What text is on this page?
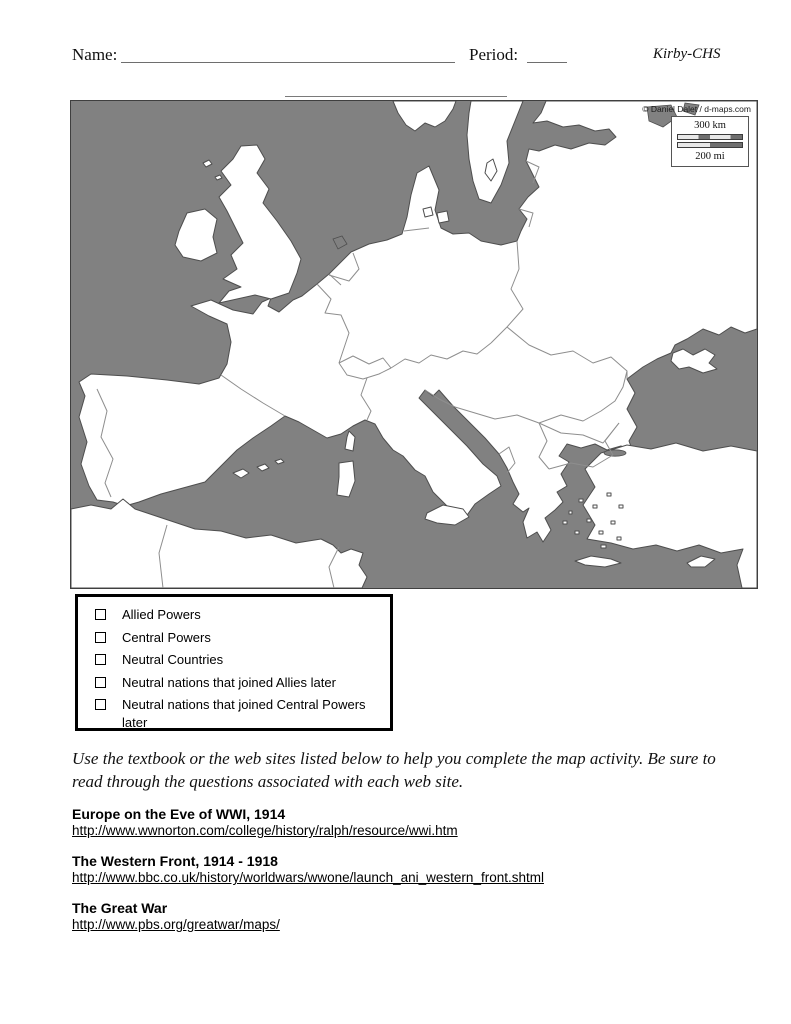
Name:	Period:	Kirby-CHS
© Daniel Dalet / d-maps.com
300 km
200 mi
Allied Powers
Central Powers
Neutral Countries
Neutral nations that joined Allies later
Neutral nations that joined Central Powers later
Use the textbook or the web sites listed below to help you complete the map activity. Be sure to read through the questions associated with each web site.
Europe on the Eve of WWI, 1914
http://www.wwnorton.com/college/history/ralph/resource/wwi.htm
The Western Front, 1914 - 1918
http://www.bbc.co.uk/history/worldwars/wwone/launch_ani_western_front.shtml
The Great War
http://www.pbs.org/greatwar/maps/
